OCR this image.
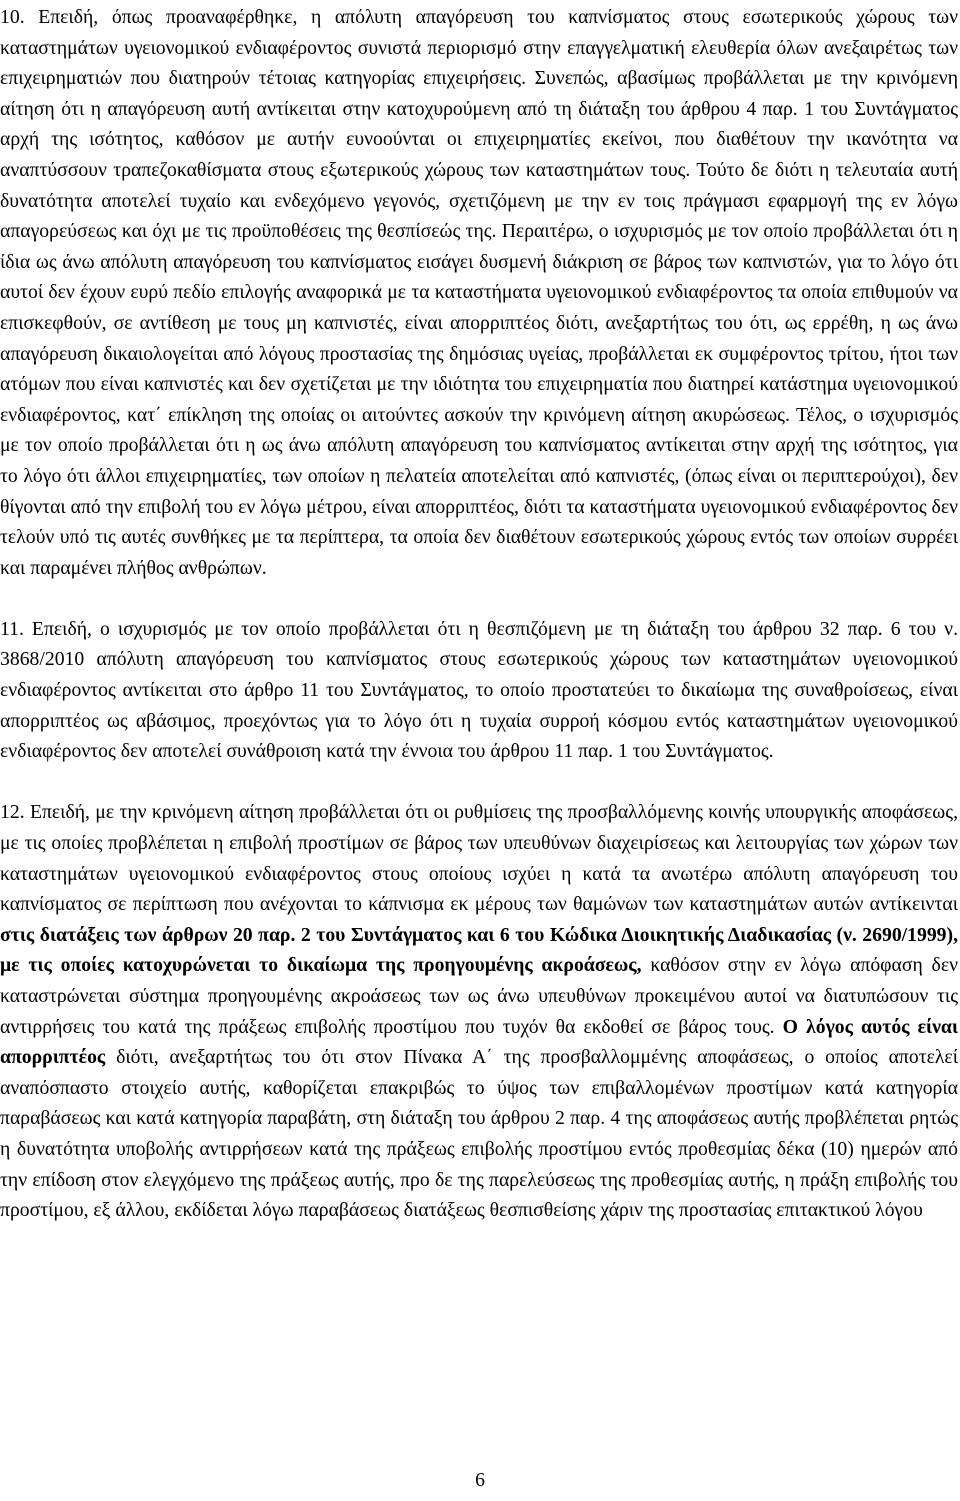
10. Επειδή, όπως προαναφέρθηκε, η απόλυτη απαγόρευση του καπνίσματος στους εσωτερικούς χώρους των καταστημάτων υγειονομικού ενδιαφέροντος συνιστά περιορισμό στην επαγγελματική ελευθερία όλων ανεξαιρέτως των επιχειρηματιών που διατηρούν τέτοιας κατηγορίας επιχειρήσεις. Συνεπώς, αβασίμως προβάλλεται με την κρινόμενη αίτηση ότι η απαγόρευση αυτή αντίκειται στην κατοχυρούμενη από τη διάταξη του άρθρου 4 παρ. 1 του Συντάγματος αρχή της ισότητος, καθόσον με αυτήν ευνοούνται οι επιχειρηματίες εκείνοι, που διαθέτουν την ικανότητα να αναπτύσσουν τραπεζοκαθίσματα στους εξωτερικούς χώρους των καταστημάτων τους. Τούτο δε διότι η τελευταία αυτή δυνατότητα αποτελεί τυχαίο και ενδεχόμενο γεγονός, σχετιζόμενη με την εν τοις πράγμασι εφαρμογή της εν λόγω απαγορεύσεως και όχι με τις προϋποθέσεις της θεσπίσεώς της. Περαιτέρω, ο ισχυρισμός με τον οποίο προβάλλεται ότι η ίδια ως άνω απόλυτη απαγόρευση του καπνίσματος εισάγει δυσμενή διάκριση σε βάρος των καπνιστών, για το λόγο ότι αυτοί δεν έχουν ευρύ πεδίο επιλογής αναφορικά με τα καταστήματα υγειονομικού ενδιαφέροντος τα οποία επιθυμούν να επισκεφθούν, σε αντίθεση με τους μη καπνιστές, είναι απορριπτέος διότι, ανεξαρτήτως του ότι, ως ερρέθη, η ως άνω απαγόρευση δικαιολογείται από λόγους προστασίας της δημόσιας υγείας, προβάλλεται εκ συμφέροντος τρίτου, ήτοι των ατόμων που είναι καπνιστές και δεν σχετίζεται με την ιδιότητα του επιχειρηματία που διατηρεί κατάστημα υγειονομικού ενδιαφέροντος, κατ΄ επίκληση της οποίας οι αιτούντες ασκούν την κρινόμενη αίτηση ακυρώσεως. Τέλος, ο ισχυρισμός με τον οποίο προβάλλεται ότι η ως άνω απόλυτη απαγόρευση του καπνίσματος αντίκειται στην αρχή της ισότητος, για το λόγο ότι άλλοι επιχειρηματίες, των οποίων η πελατεία αποτελείται από καπνιστές, (όπως είναι οι περιπτερούχοι), δεν θίγονται από την επιβολή του εν λόγω μέτρου, είναι απορριπτέος, διότι τα καταστήματα υγειονομικού ενδιαφέροντος δεν τελούν υπό τις αυτές συνθήκες με τα περίπτερα, τα οποία δεν διαθέτουν εσωτερικούς χώρους εντός των οποίων συρρέει και παραμένει πλήθος ανθρώπων.

11. Επειδή, ο ισχυρισμός με τον οποίο προβάλλεται ότι η θεσπιζόμενη με τη διάταξη του άρθρου 32 παρ. 6 του ν. 3868/2010 απόλυτη απαγόρευση του καπνίσματος στους εσωτερικούς χώρους των καταστημάτων υγειονομικού ενδιαφέροντος αντίκειται στο άρθρο 11 του Συντάγματος, το οποίο προστατεύει το δικαίωμα της συναθροίσεως, είναι απορριπτέος ως αβάσιμος, προεχόντως για το λόγο ότι η τυχαία συρροή κόσμου εντός καταστημάτων υγειονομικού ενδιαφέροντος δεν αποτελεί συνάθροιση κατά την έννοια του άρθρου 11 παρ. 1 του Συντάγματος.

12. Επειδή, με την κρινόμενη αίτηση προβάλλεται ότι οι ρυθμίσεις της προσβαλλόμενης κοινής υπουργικής αποφάσεως, με τις οποίες προβλέπεται η επιβολή προστίμων σε βάρος των υπευθύνων διαχειρίσεως και λειτουργίας των χώρων των καταστημάτων υγειονομικού ενδιαφέροντος στους οποίους ισχύει η κατά τα ανωτέρω απόλυτη απαγόρευση του καπνίσματος σε περίπτωση που ανέχονται το κάπνισμα εκ μέρους των θαμώνων των καταστημάτων αυτών αντίκεινται στις διατάξεις των άρθρων 20 παρ. 2 του Συντάγματος και 6 του Κώδικα Διοικητικής Διαδικασίας (ν. 2690/1999), με τις οποίες κατοχυρώνεται το δικαίωμα της προηγουμένης ακροάσεως, καθόσον στην εν λόγω απόφαση δεν καταστρώνεται σύστημα προηγουμένης ακροάσεως των ως άνω υπευθύνων προκειμένου αυτοί να διατυπώσουν τις αντιρρήσεις του κατά της πράξεως επιβολής προστίμου που τυχόν θα εκδοθεί σε βάρος τους. Ο λόγος αυτός είναι απορριπτέος διότι, ανεξαρτήτως του ότι στον Πίνακα Α΄ της προσβαλλομμένης αποφάσεως, ο οποίος αποτελεί αναπόσπαστο στοιχείο αυτής, καθορίζεται επακριβώς το ύψος των επιβαλλομένων προστίμων κατά κατηγορία παραβάσεως και κατά κατηγορία παραβάτη, στη διάταξη του άρθρου 2 παρ. 4 της αποφάσεως αυτής προβλέπεται ρητώς η δυνατότητα υποβολής αντιρρήσεων κατά της πράξεως επιβολής προστίμου εντός προθεσμίας δέκα (10) ημερών από την επίδοση στον ελεγχόμενο της πράξεως αυτής, προ δε της παρελεύσεως της προθεσμίας αυτής, η πράξη επιβολής του προστίμου, εξ άλλου, εκδίδεται λόγω παραβάσεως διατάξεως θεσπισθείσης χάριν της προστασίας επιτακτικού λόγου

6
